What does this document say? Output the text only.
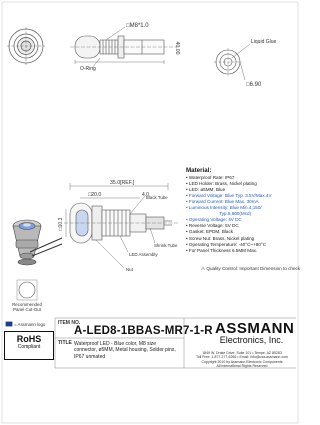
□M8*1.0
40.00
O-Ring
Liquid Glue
□6.90
Recommended
Panel Cut-Out
35.0[REF.]
□20.0	4.0
□10.3
Black Tube
Shrink Tube
LED Assembly
Nut	⚠ Quality Control: Important Dimension to check
= Assmann logo
Material:
• Waterproof Rate: IP67
• LED Holder: Brass, Nickel plating
• LED: ø5MM, Blue
• Forward Voltage: Blue Typ. 3.5V/Max.4V
• Forward Current: Blue Max. 30mA
• Luminous Intensity: Blue Min.4,150/
Typ.5,800(Mcd)
• Operating Voltage: 4V DC
• Reverse Voltage: 5V DC
• Gasket: EPDM, Black
• Screw Nut: Brass, Nickel plating
• Operating Temperature: -40°C~+80°C
• For Panel Thickness 6.5MM Max.
RoHS
Compliant
ITEM NO.
A-LED8-1BBAS-MR7-1-R
TITLE Waterproof LED - Blue color, M8 size connector, ø5MM, Metal housing, Solder pins, IP67 unmated
ASSMANN
Electronics, Inc.
1849 W. Drake Drive, Suite 101 • Tempe, AZ 85283
Toll Free: 1-877-277-6266 • Email: info@usa-assmann.com
Copyright 2010 by Assmann Electronic Components
All International Rights Reserved
